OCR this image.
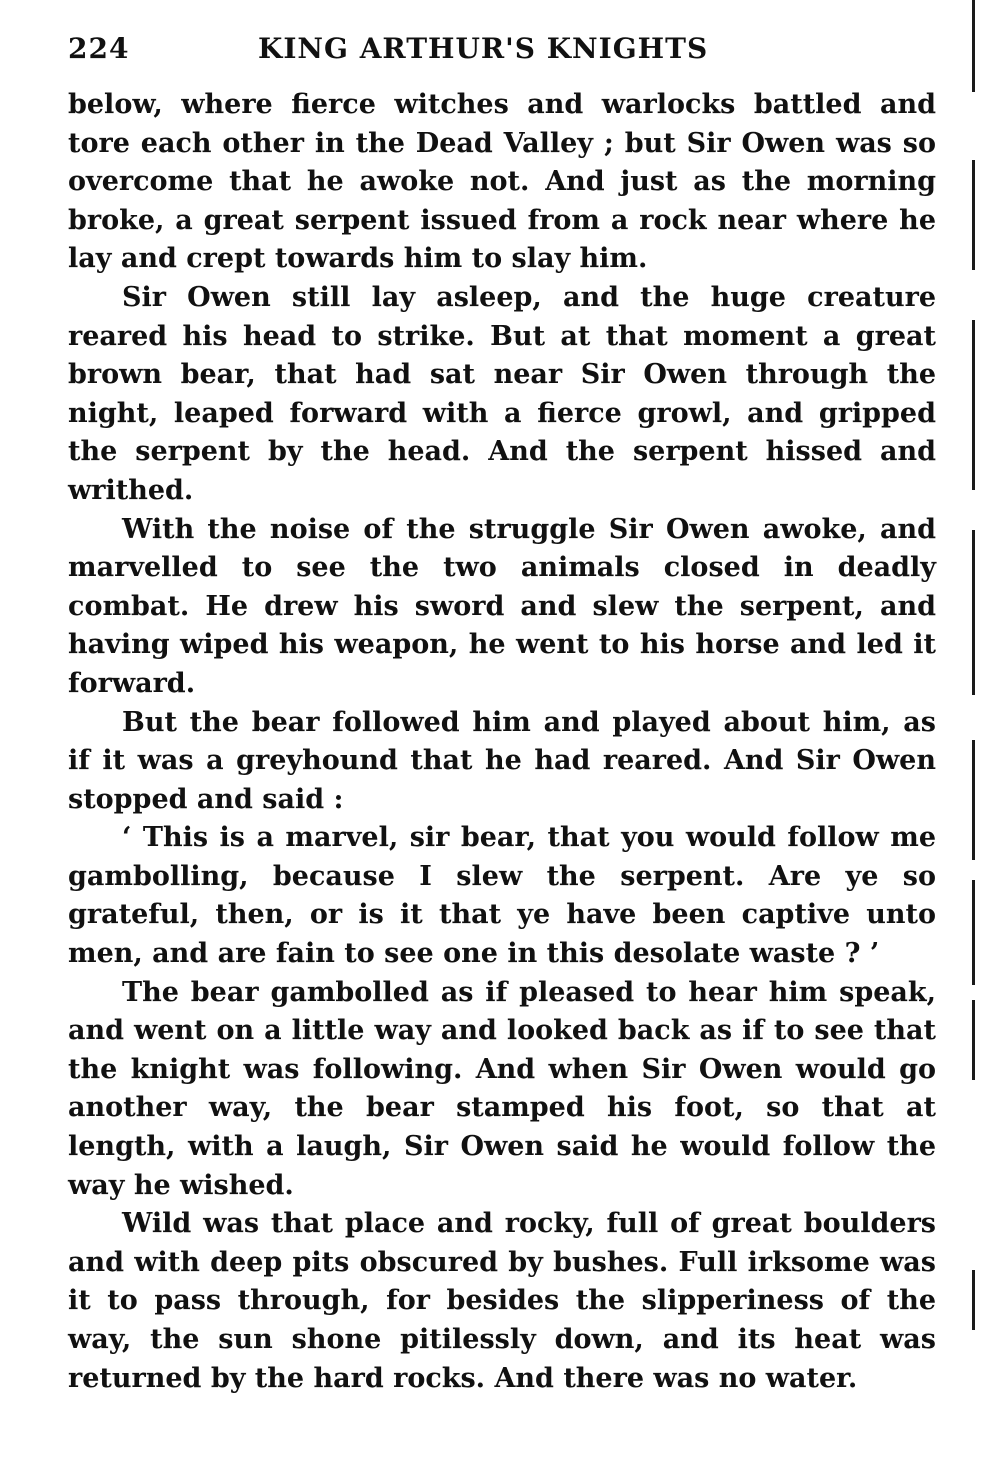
224	KING ARTHUR'S KNIGHTS

below, where fierce witches and warlocks battled and tore each other in the Dead Valley ; but Sir Owen was so overcome that he awoke not. And just as the morning broke, a great serpent issued from a rock near where he lay and crept towards him to slay him.

Sir Owen still lay asleep, and the huge creature reared his head to strike. But at that moment a great brown bear, that had sat near Sir Owen through the night, leaped forward with a fierce growl, and gripped the serpent by the head. And the serpent hissed and writhed.

With the noise of the struggle Sir Owen awoke, and marvelled to see the two animals closed in deadly combat. He drew his sword and slew the serpent, and having wiped his weapon, he went to his horse and led it forward.

But the bear followed him and played about him, as if it was a greyhound that he had reared. And Sir Owen stopped and said :

‘ This is a marvel, sir bear, that you would follow me gambolling, because I slew the serpent. Are ye so grateful, then, or is it that ye have been captive unto men, and are fain to see one in this desolate waste ? ’

The bear gambolled as if pleased to hear him speak, and went on a little way and looked back as if to see that the knight was following. And when Sir Owen would go another way, the bear stamped his foot, so that at length, with a laugh, Sir Owen said he would follow the way he wished.

Wild was that place and rocky, full of great boulders and with deep pits obscured by bushes. Full irksome was it to pass through, for besides the slipperiness of the way, the sun shone pitilessly down, and its heat was returned by the hard rocks. And there was no water.
